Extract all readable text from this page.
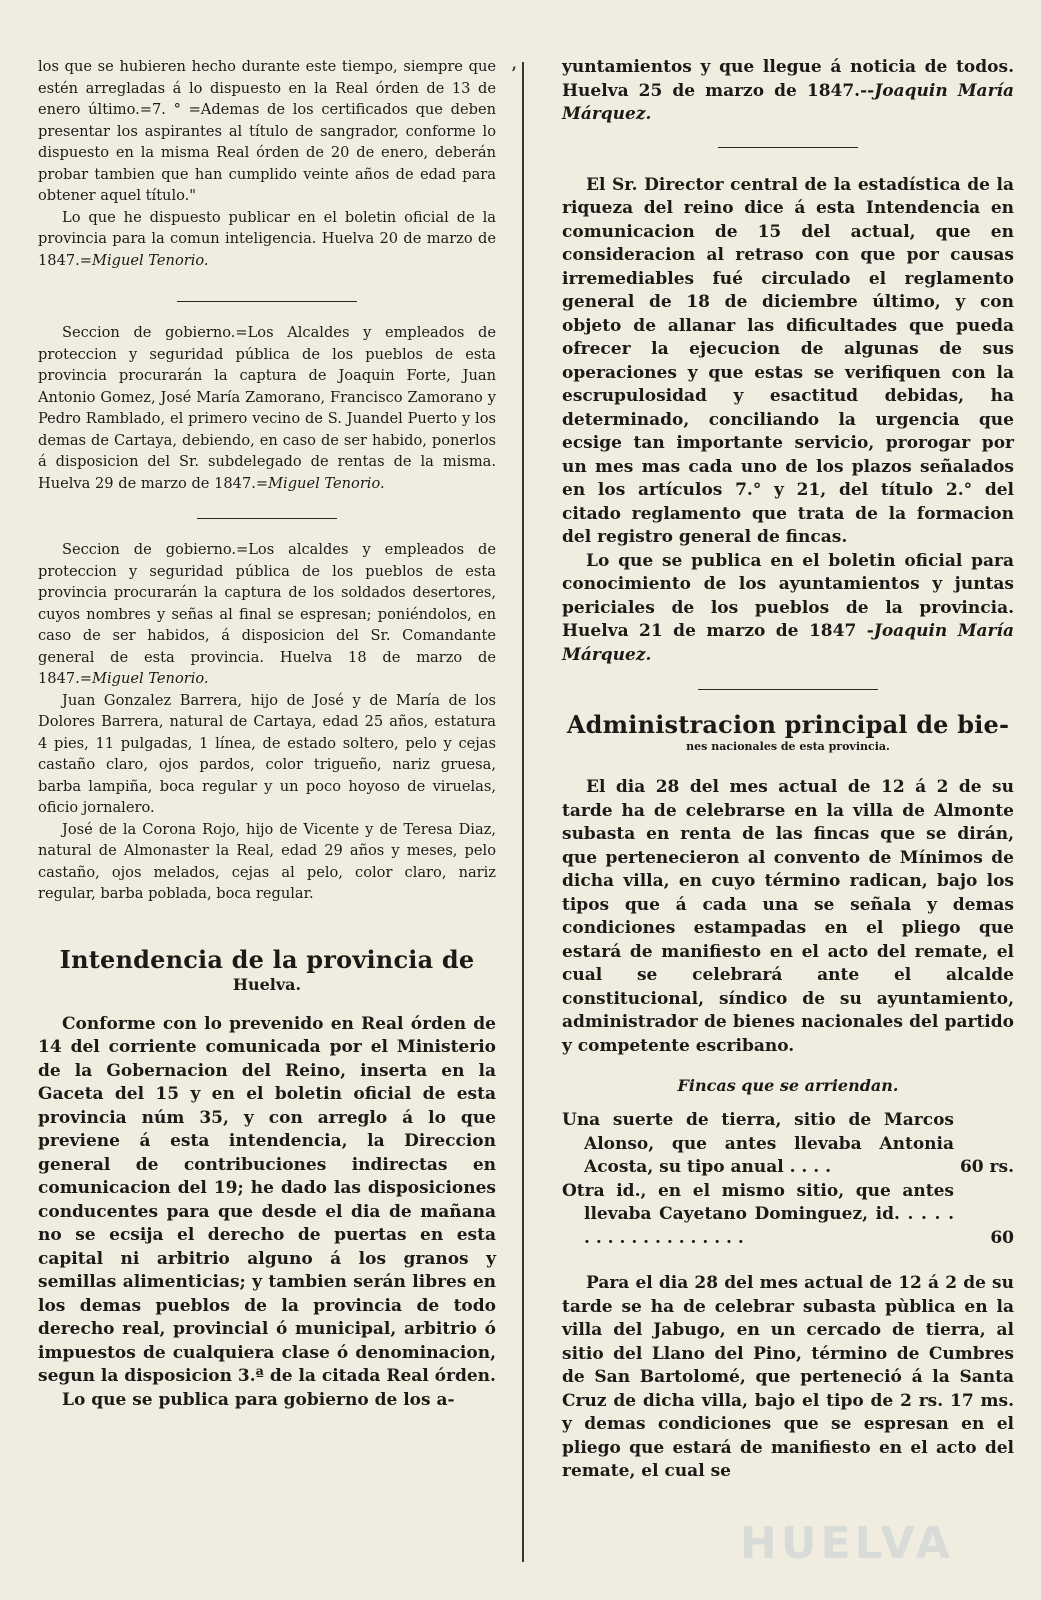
ʼ

los que se hubieren hecho durante este tiempo, siempre que estén arregladas á lo dispuesto en la Real órden de 13 de enero último.=7. ° =Ademas de los certificados que deben presentar los aspirantes al título de sangrador, conforme lo dispuesto en la misma Real órden de 20 de enero, deberán probar tambien que han cumplido veinte años de edad para obtener aquel título."

Lo que he dispuesto publicar en el boletin oficial de la provincia para la comun inteligencia. Huelva 20 de marzo de 1847.=Miguel Tenorio.

Seccion de gobierno.=Los Alcaldes y empleados de proteccion y seguridad pública de los pueblos de esta provincia procurarán la captura de Joaquin Forte, Juan Antonio Gomez, José María Zamorano, Francisco Zamorano y Pedro Ramblado, el primero vecino de S. Juandel Puerto y los demas de Cartaya, debiendo, en caso de ser habido, ponerlos á disposicion del Sr. subdelegado de rentas de la misma. Huelva 29 de marzo de 1847.=Miguel Tenorio.

Seccion de gobierno.=Los alcaldes y empleados de proteccion y seguridad pública de los pueblos de esta provincia procurarán la captura de los soldados desertores, cuyos nombres y señas al final se espresan; poniéndolos, en caso de ser habidos, á disposicion del Sr. Comandante general de esta provincia. Huelva 18 de marzo de 1847.=Miguel Tenorio.

Juan Gonzalez Barrera, hijo de José y de María de los Dolores Barrera, natural de Cartaya, edad 25 años, estatura 4 pies, 11 pulgadas, 1 línea, de estado soltero, pelo y cejas castaño claro, ojos pardos, color trigueño, nariz gruesa, barba lampiña, boca regular y un poco hoyoso de viruelas, oficio jornalero.

José de la Corona Rojo, hijo de Vicente y de Teresa Diaz, natural de Almonaster la Real, edad 29 años y meses, pelo castaño, ojos melados, cejas al pelo, color claro, nariz regular, barba poblada, boca regular.

Intendencia de la provincia de
Huelva.

Conforme con lo prevenido en Real órden de 14 del corriente comunicada por el Ministerio de la Gobernacion del Reino, inserta en la Gaceta del 15 y en el boletin oficial de esta provincia núm 35, y con arreglo á lo que previene á esta intendencia, la Direccion general de contribuciones indirectas en comunicacion del 19; he dado las disposiciones conducentes para que desde el dia de mañana no se ecsija el derecho de puertas en esta capital ni arbitrio alguno á los granos y semillas alimenticias; y tambien serán libres en los demas pueblos de la provincia de todo derecho real, provincial ó municipal, arbitrio ó impuestos de cualquiera clase ó denominacion, segun la disposicion 3.ª de la citada Real órden.

Lo que se publica para gobierno de los a-

yuntamientos y que llegue á noticia de todos. Huelva 25 de marzo de 1847.--Joaquin María Márquez.

El Sr. Director central de la estadística de la riqueza del reino dice á esta Intendencia en comunicacion de 15 del actual, que en consideracion al retraso con que por causas irremediables fué circulado el reglamento general de 18 de diciembre último, y con objeto de allanar las dificultades que pueda ofrecer la ejecucion de algunas de sus operaciones y que estas se verifiquen con la escrupulosidad y esactitud debidas, ha determinado, conciliando la urgencia que ecsige tan importante servicio, prorogar por un mes mas cada uno de los plazos señalados en los artículos 7.° y 21, del título 2.° del citado reglamento que trata de la formacion del registro general de fincas.

Lo que se publica en el boletin oficial para conocimiento de los ayuntamientos y juntas periciales de los pueblos de la provincia. Huelva 21 de marzo de 1847 -Joaquin María Márquez.

Administracion principal de bie-
nes nacionales de esta provincia.

El dia 28 del mes actual de 12 á 2 de su tarde ha de celebrarse en la villa de Almonte subasta en renta de las fincas que se dirán, que pertenecieron al convento de Mínimos de dicha villa, en cuyo término radican, bajo los tipos que á cada una se señala y demas condiciones estampadas en el pliego que estará de manifiesto en el acto del remate, el cual se celebrará ante el alcalde constitucional, síndico de su ayuntamiento, administrador de bienes nacionales del partido y competente escribano.

Fincas que se arriendan.
Una suerte de tierra, sitio de Marcos Alonso, que antes llevaba Antonia Acosta, su tipo anual . . . .	60 rs.
Otra id., en el mismo sitio, que antes llevaba Cayetano Dominguez, id. . . . . . . . . . . . . . . . . . .	60

Para el dia 28 del mes actual de 12 á 2 de su tarde se ha de celebrar subasta pùblica en la villa del Jabugo, en un cercado de tierra, al sitio del Llano del Pino, término de Cumbres de San Bartolomé, que perteneció á la Santa Cruz de dicha villa, bajo el tipo de 2 rs. 17 ms. y demas condiciones que se espresan en el pliego que estará de manifiesto en el acto del remate, el cual se

HUELVA
